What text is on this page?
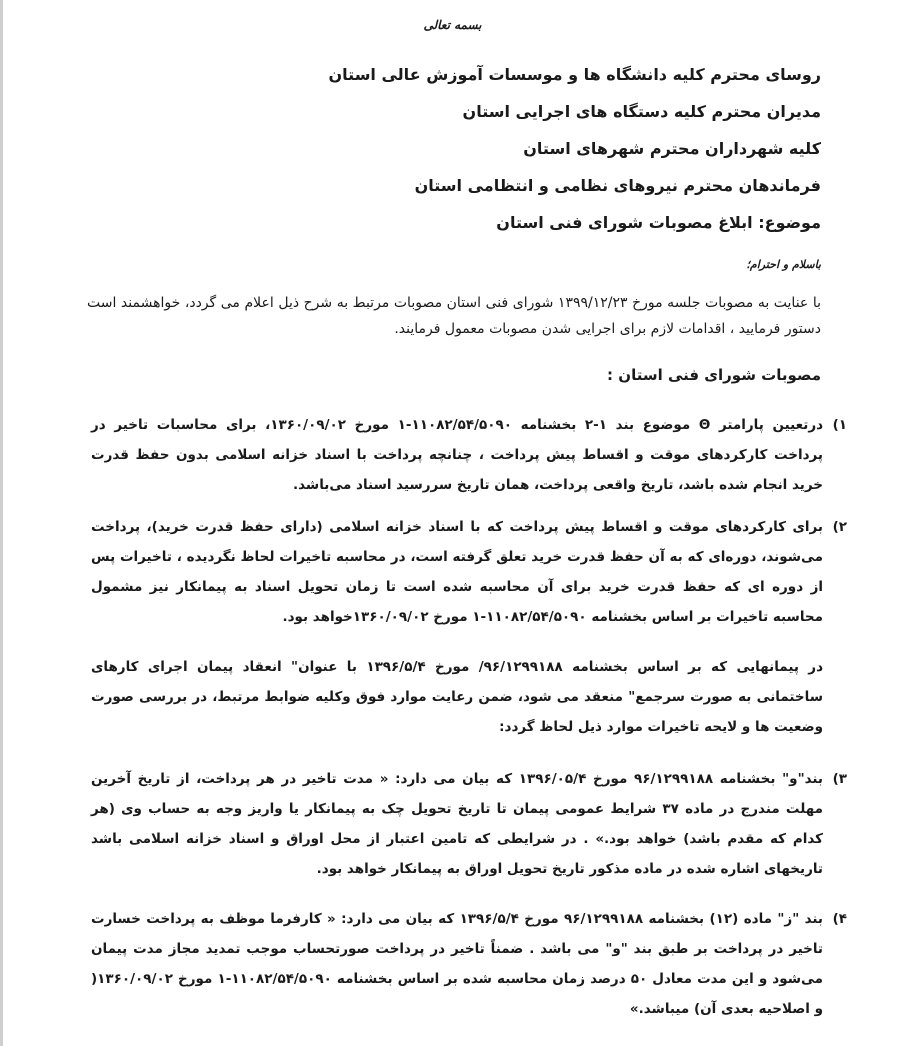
بسمه تعالی
روسای محترم کلیه دانشگاه ها و موسسات آموزش عالی استان
مدیران محترم کلیه دستگاه های اجرایی استان
کلیه شهرداران محترم شهرهای استان
فرماندهان محترم نیروهای نظامی و انتظامی استان
موضوع: ابلاغ مصوبات شورای فنی استان
باسلام و احترام؛
با عنایت به مصوبات جلسه مورخ ۱۳۹۹/۱۲/۲۳ شورای فنی استان مصوبات مرتبط به شرح ذیل اعلام می گردد، خواهشمند است دستور فرمایید ، اقدامات لازم برای اجرایی شدن مصوبات معمول فرمایند.
مصوبات شورای فنی استان :
۱)
درتعیین پارامتر Θ موضوع بند ۱-۲ بخشنامه ۱۱۰۸۲/۵۴/۵۰۹۰-۱ مورخ ۱۳۶۰/۰۹/۰۲، برای محاسبات تاخیر در پرداخت کارکردهای موقت و اقساط پیش پرداخت ، چنانچه پرداخت با اسناد خزانه اسلامی بدون حفظ قدرت خرید انجام شده باشد، تاریخ واقعی پرداخت، همان تاریخ سررسید اسناد می‌باشد.
۲)
برای کارکردهای موقت و اقساط پیش پرداخت که با اسناد خزانه اسلامی (دارای حفظ قدرت خرید)، پرداخت می‌شوند، دوره‌ای که به آن حفظ قدرت خرید تعلق گرفته است، در محاسبه تاخیرات لحاظ نگردیده ، تاخیرات پس از دوره ای که حفظ قدرت خرید برای آن محاسبه شده است تا زمان تحویل اسناد به پیمانکار نیز مشمول محاسبه تاخیرات بر اساس بخشنامه ۱۱۰۸۲/۵۴/۵۰۹۰-۱ مورخ ۱۳۶۰/۰۹/۰۲خواهد بود.
در پیمانهایی که بر اساس بخشنامه ۹۶/۱۲۹۹۱۸۸/ مورخ ۱۳۹۶/۵/۴ با عنوان" انعقاد پیمان اجرای کارهای ساختمانی به صورت سرجمع" منعقد می شود، ضمن رعایت موارد فوق وکلیه ضوابط مرتبط، در بررسی صورت وضعیت ها و لایحه تاخیرات موارد ذیل لحاظ گردد:
۳)
بند"و" بخشنامه ۹۶/۱۲۹۹۱۸۸ مورخ ۱۳۹۶/۰۵/۴ که بیان می دارد: « مدت تاخیر در هر پرداخت، از تاریخ آخرین مهلت مندرج در ماده ۳۷ شرایط عمومی پیمان تا تاریخ تحویل چک به پیمانکار یا واریز وجه به حساب وی (هر کدام که مقدم باشد) خواهد بود.» . در شرایطی که تامین اعتبار از محل اوراق و اسناد خزانه اسلامی باشد تاریخهای اشاره شده در ماده مذکور تاریخ تحویل اوراق به پیمانکار خواهد بود.
۴)
بند "ز" ماده (۱۲) بخشنامه ۹۶/۱۲۹۹۱۸۸ مورخ ۱۳۹۶/۵/۴ که بیان می دارد: « کارفرما موظف به پرداخت خسارت تاخیر در پرداخت بر طبق بند "و" می باشد . ضمناً تاخیر در پرداخت صورتحساب موجب تمدید مجاز مدت پیمان می‌شود و این مدت معادل ۵۰ درصد زمان محاسبه شده بر اساس بخشنامه ۱۱۰۸۲/۵۴/۵۰۹۰-۱ مورخ ۱۳۶۰/۰۹/۰۲( و اصلاحیه بعدی آن) میباشد.»
